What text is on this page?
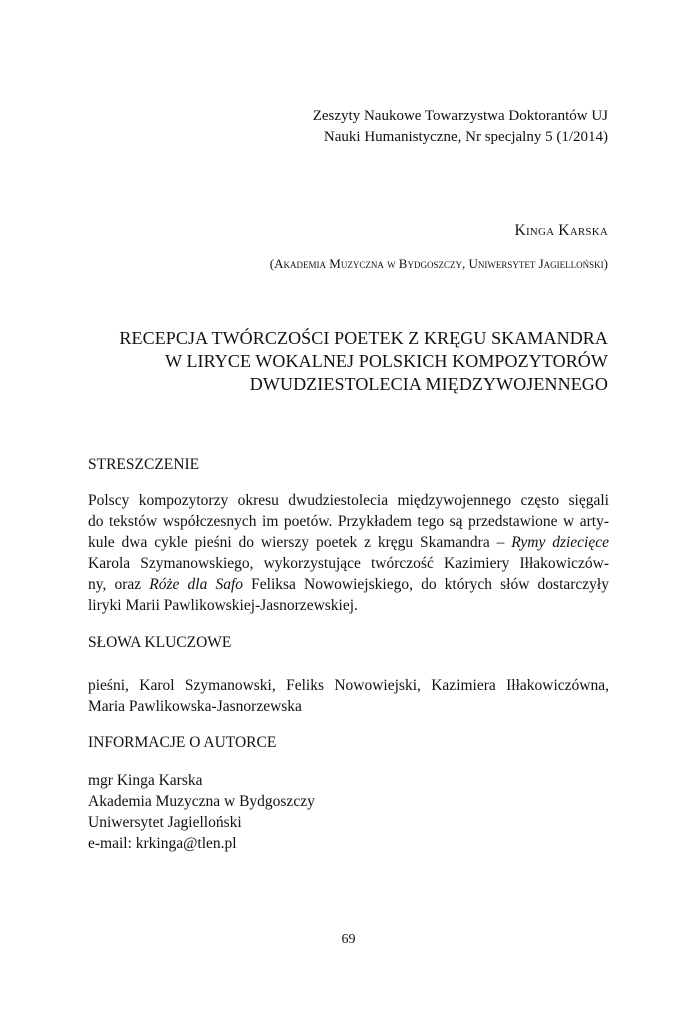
Zeszyty Naukowe Towarzystwa Doktorantów UJ
Nauki Humanistyczne, Nr specjalny 5 (1/2014)
Kinga Karska
(Akademia Muzyczna w Bydgoszczy, Uniwersytet Jagielloński)
RECEPCJA TWÓRCZOŚCI POETEK Z KRĘGU SKAMANDRA
W LIRYCE WOKALNEJ POLSKICH KOMPOZYTORÓW
DWUDZIESTOLECIA MIĘDZYWOJENNEGO
STRESZCZENIE
Polscy kompozytorzy okresu dwudziestolecia międzywojennego często sięgali
do tekstów współczesnych im poetów. Przykładem tego są przedstawione w arty-
kule dwa cykle pieśni do wierszy poetek z kręgu Skamandra – Rymy dziecięce
Karola Szymanowskiego, wykorzystujące twórczość Kazimiery Iłłakowiczów-
ny, oraz Róże dla Safo Feliksa Nowowiejskiego, do których słów dostarczyły
liryki Marii Pawlikowskiej-Jasnorzewskiej.
SŁOWA KLUCZOWE
pieśni, Karol Szymanowski, Feliks Nowowiejski, Kazimiera Iłłakowiczówna,
Maria Pawlikowska-Jasnorzewska
INFORMACJE O AUTORCE
mgr Kinga Karska
Akademia Muzyczna w Bydgoszczy
Uniwersytet Jagielloński
e-mail: krkinga@tlen.pl
69
